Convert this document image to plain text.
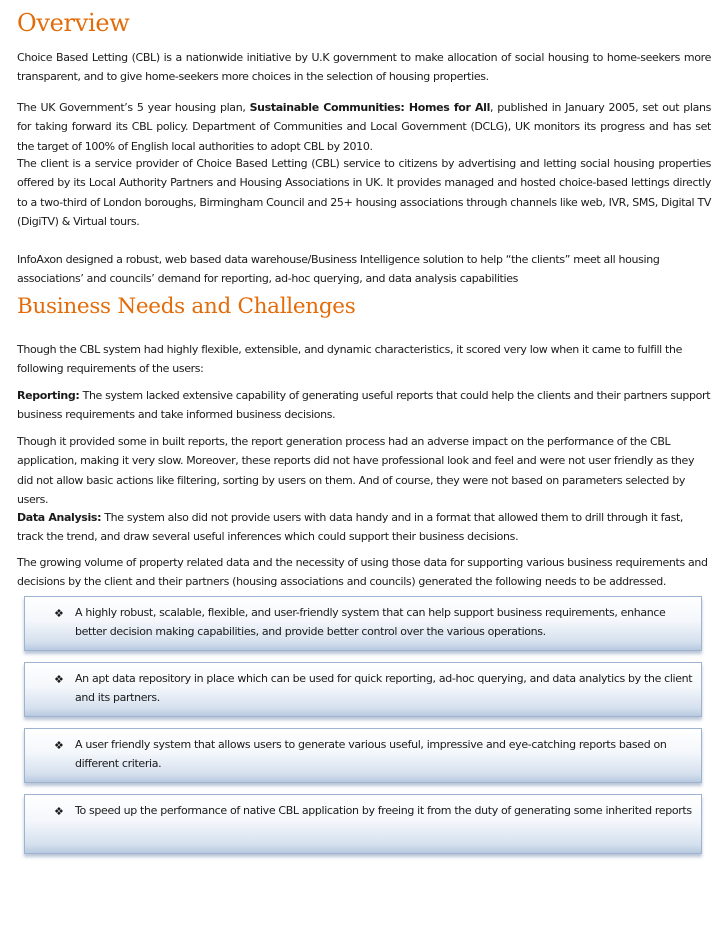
Overview

Choice Based Letting (CBL) is a nationwide initiative by U.K government to make allocation of social housing to home-seekers more transparent, and to give home-seekers more choices in the selection of housing properties.

The UK Government’s 5 year housing plan, Sustainable Communities: Homes for All, published in January 2005, set out plans for taking forward its CBL policy. Department of Communities and Local Government (DCLG), UK monitors its progress and has set the target of 100% of English local authorities to adopt CBL by 2010.

The client is a service provider of Choice Based Letting (CBL) service to citizens by advertising and letting social housing properties offered by its Local Authority Partners and Housing Associations in UK. It provides managed and hosted choice-based lettings directly to a two-third of London boroughs, Birmingham Council and 25+ housing associations through channels like web, IVR, SMS, Digital TV (DigiTV) & Virtual tours.

InfoAxon designed a robust, web based data warehouse/Business Intelligence solution to help “the clients” meet all housing associations’ and councils’ demand for reporting, ad-hoc querying, and data analysis capabilities

Business Needs and Challenges

Though the CBL system had highly flexible, extensible, and dynamic characteristics, it scored very low when it came to fulfill the following requirements of the users:

Reporting: The system lacked extensive capability of generating useful reports that could help the clients and their partners support business requirements and take informed business decisions.

Though it provided some in built reports, the report generation process had an adverse impact on the performance of the CBL application, making it very slow. Moreover, these reports did not have professional look and feel and were not user friendly as they did not allow basic actions like filtering, sorting by users on them. And of course, they were not based on parameters selected by users.

Data Analysis: The system also did not provide users with data handy and in a format that allowed them to drill through it fast, track the trend, and draw several useful inferences which could support their business decisions.

The growing volume of property related data and the necessity of using those data for supporting various business requirements and decisions by the client and their partners (housing associations and councils) generated the following needs to be addressed.

❖ A highly robust, scalable, flexible, and user-friendly system that can help support business requirements, enhance better decision making capabilities, and provide better control over the various operations.

❖ An apt data repository in place which can be used for quick reporting, ad-hoc querying, and data analytics by the client and its partners.

❖ A user friendly system that allows users to generate various useful, impressive and eye-catching reports based on different criteria.

❖ To speed up the performance of native CBL application by freeing it from the duty of generating some inherited reports
